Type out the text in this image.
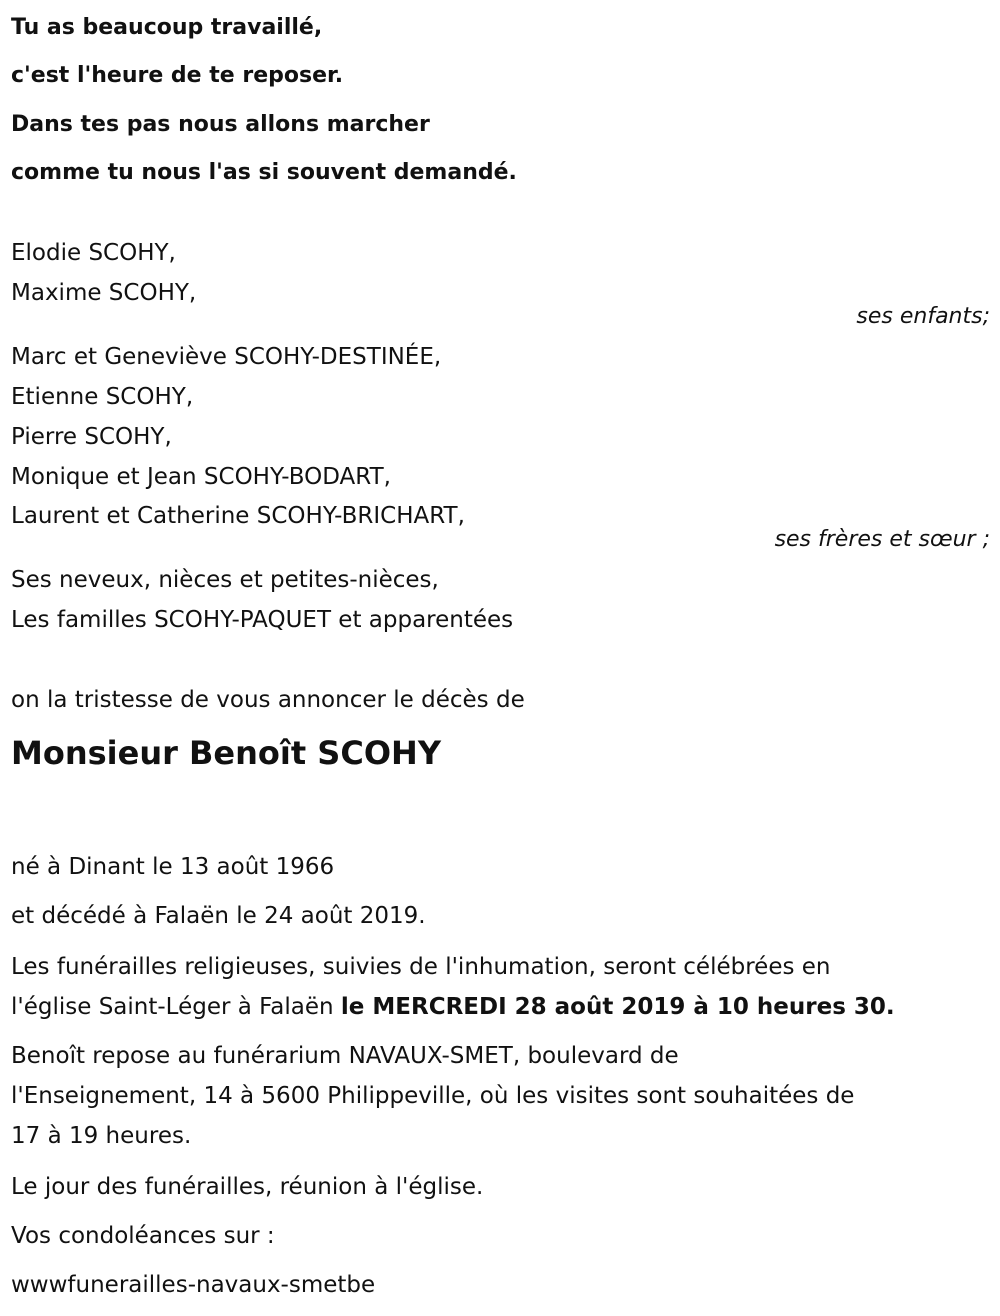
Tu as beaucoup travaillé,
c'est l'heure de te reposer.
Dans tes pas nous allons marcher
comme tu nous l'as si souvent demandé.
Elodie SCOHY,
Maxime SCOHY,
ses enfants;
Marc et Geneviève SCOHY-DESTINÉE,
Etienne SCOHY,
Pierre SCOHY,
Monique et Jean SCOHY-BODART,
Laurent et Catherine SCOHY-BRICHART,
ses frères et sœur ;
Ses neveux, nièces et petites-nièces,
Les familles SCOHY-PAQUET et apparentées
on la tristesse de vous annoncer le décès de
Monsieur Benoît SCOHY
né à Dinant le 13 août 1966
et décédé à Falaën le 24 août 2019.
Les funérailles religieuses, suivies de l'inhumation, seront célébrées en
l'église Saint-Léger à Falaën le MERCREDI 28 août 2019 à 10 heures 30.
Benoît repose au funérarium NAVAUX-SMET, boulevard de
l'Enseignement, 14 à 5600 Philippeville, où les visites sont souhaitées de
17 à 19 heures.
Le jour des funérailles, réunion à l'église.
Vos condoléances sur :
wwwfunerailles-navaux-smetbe
